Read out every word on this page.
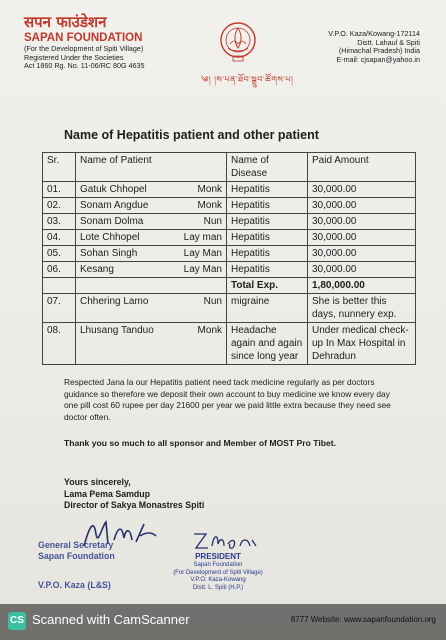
सपन फाउंडेशन
SAPAN FOUNDATION
(For the Development of Spiti Village)
Registered Under the Societies
Act 1860 Rg. No. 11-06/RC 80G 4635
༄། །ས་པན་ཐོབ་སྒྲུབ་ཚོགས་པ།
V.P.O. Kaza/Kowang-172114
Distt. Lahaul & Spiti
(Himachal Pradesh) India
E-mail: cjsapan@yahoo.in
Name of Hepatitis patient and other patient
Sr.	Name of Patient	Name of Disease	Paid Amount
01.	Gatuk Chhopel Monk	Hepatitis	30,000.00
02.	Sonam Angdue Monk	Hepatitis	30,000.00
03.	Sonam Dolma Nun	Hepatitis	30,000.00
04.	Lote Chhopel Lay man	Hepatitis	30,000.00
05.	Sohan Singh Lay Man	Hepatitis	30,000.00
06.	Kesang Lay Man	Hepatitis	30,000.00
		Total Exp.	1,80,000.00
07.	Chhering Lamo Nun	migraine	She is better this days, nunnery exp.
08.	Lhusang Tanduo Monk	Headache again and again since long year	Under medical check-up In Max Hospital in Dehradun
Respected Jana la our Hepatitis patient need tack medicine regularly as per doctors guidance so therefore we deposit their own account to buy medicine we know every day one pill cost 60 rupee per day 21600 per year we paid little extra because they need see doctor often.
Thank you so much to all sponsor and Member of MOST Pro Tibet.
Yours sincerely,
Lama Pema Samdup
Director of Sakya Monastres Spiti
General Secretary
Sapan Foundation
V.P.O. Kaza (L&S)
PRESIDENT
Sapan Foundation
(For Development of Spiti Village)
V.P.O. Kaza-Kowang
Distt. L. Spiti (H.P.)
CS Scanned with CamScanner	8777 Website: www.sapanfoundation.org
